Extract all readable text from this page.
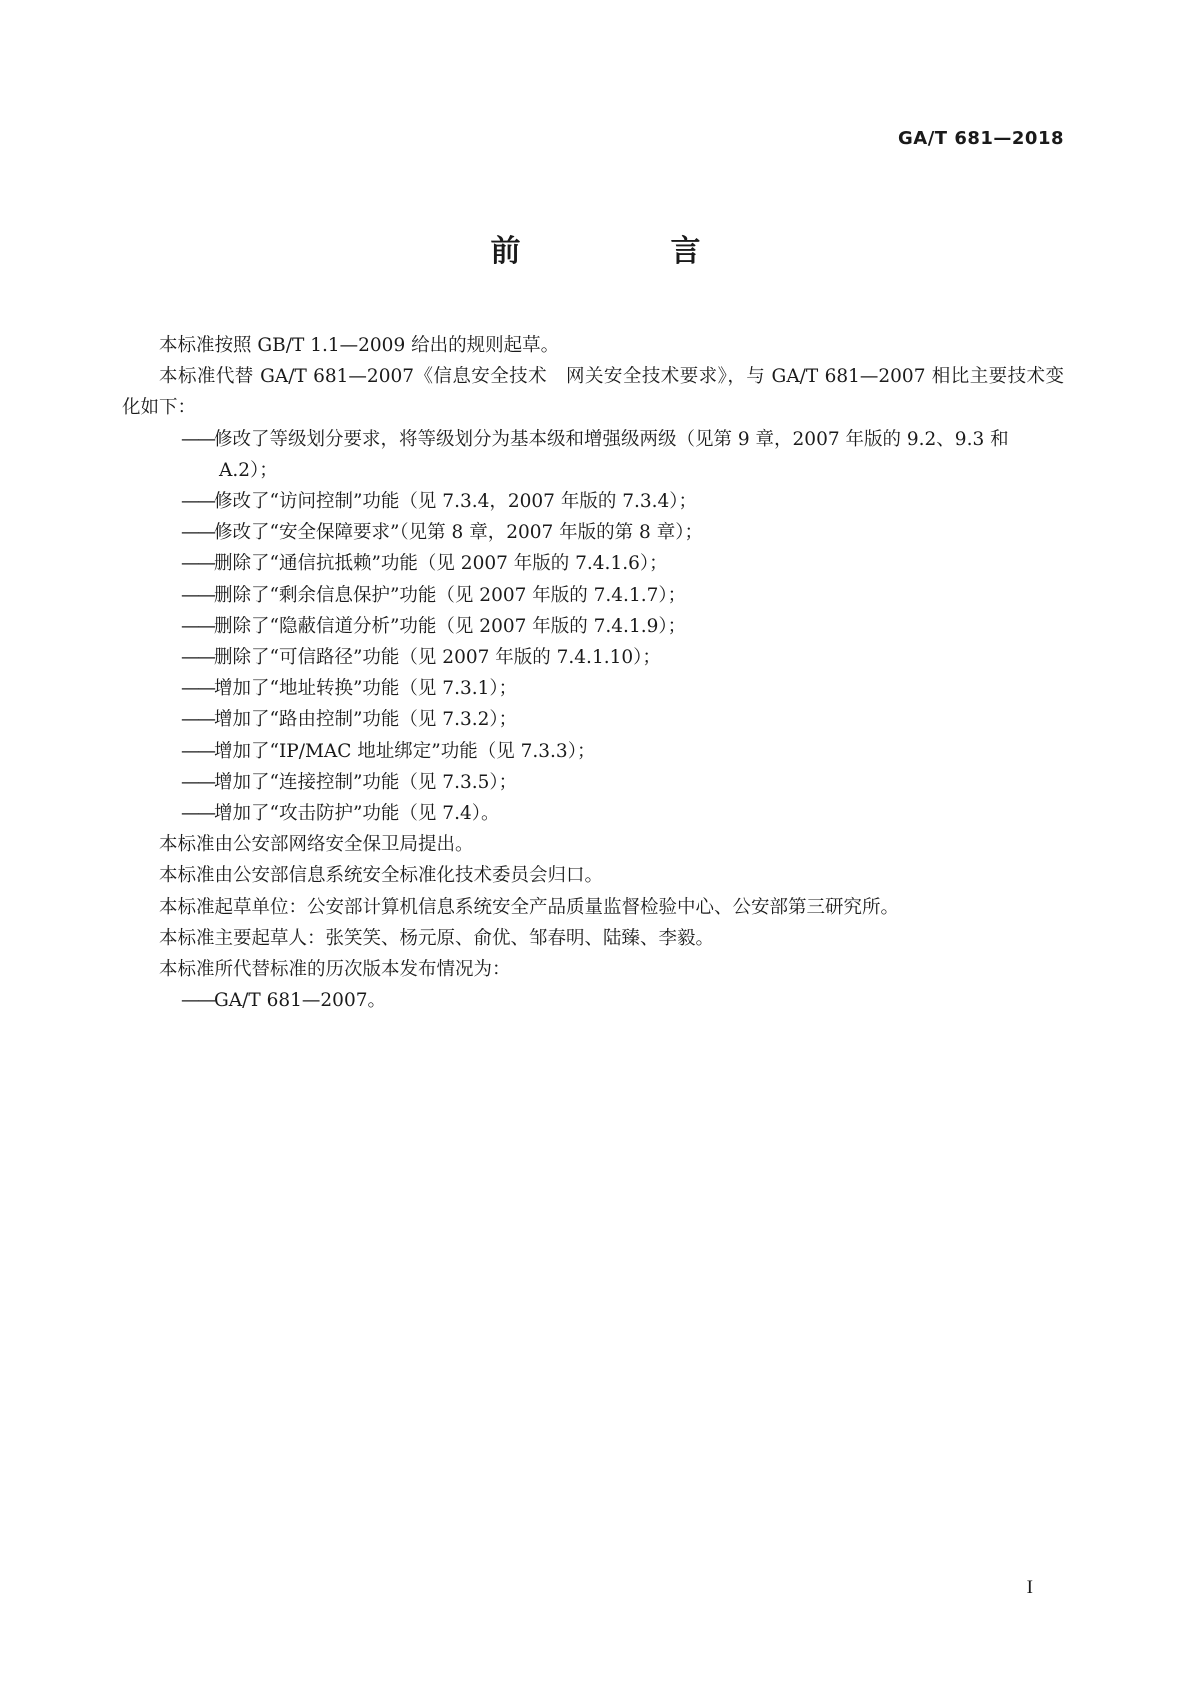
GA/T 681—2018
前　言

本标准按照 GB/T 1.1—2009 给出的规则起草。

本标准代替 GA/T 681—2007《信息安全技术　网关安全技术要求》，与 GA/T 681—2007 相比主要技术变化如下：

——修改了等级划分要求，将等级划分为基本级和增强级两级（见第 9 章，2007 年版的 9.2、9.3 和 A.2）；

——修改了“访问控制”功能（见 7.3.4，2007 年版的 7.3.4）；

——修改了“安全保障要求”（见第 8 章，2007 年版的第 8 章）；

——删除了“通信抗抵赖”功能（见 2007 年版的 7.4.1.6）；

——删除了“剩余信息保护”功能（见 2007 年版的 7.4.1.7）；

——删除了“隐蔽信道分析”功能（见 2007 年版的 7.4.1.9）；

——删除了“可信路径”功能（见 2007 年版的 7.4.1.10）；

——增加了“地址转换”功能（见 7.3.1）；

——增加了“路由控制”功能（见 7.3.2）；

——增加了“IP/MAC 地址绑定”功能（见 7.3.3）；

——增加了“连接控制”功能（见 7.3.5）；

——增加了“攻击防护”功能（见 7.4）。

本标准由公安部网络安全保卫局提出。

本标准由公安部信息系统安全标准化技术委员会归口。

本标准起草单位：公安部计算机信息系统安全产品质量监督检验中心、公安部第三研究所。

本标准主要起草人：张笑笑、杨元原、俞优、邹春明、陆臻、李毅。

本标准所代替标准的历次版本发布情况为：

——GA/T 681—2007。

I
